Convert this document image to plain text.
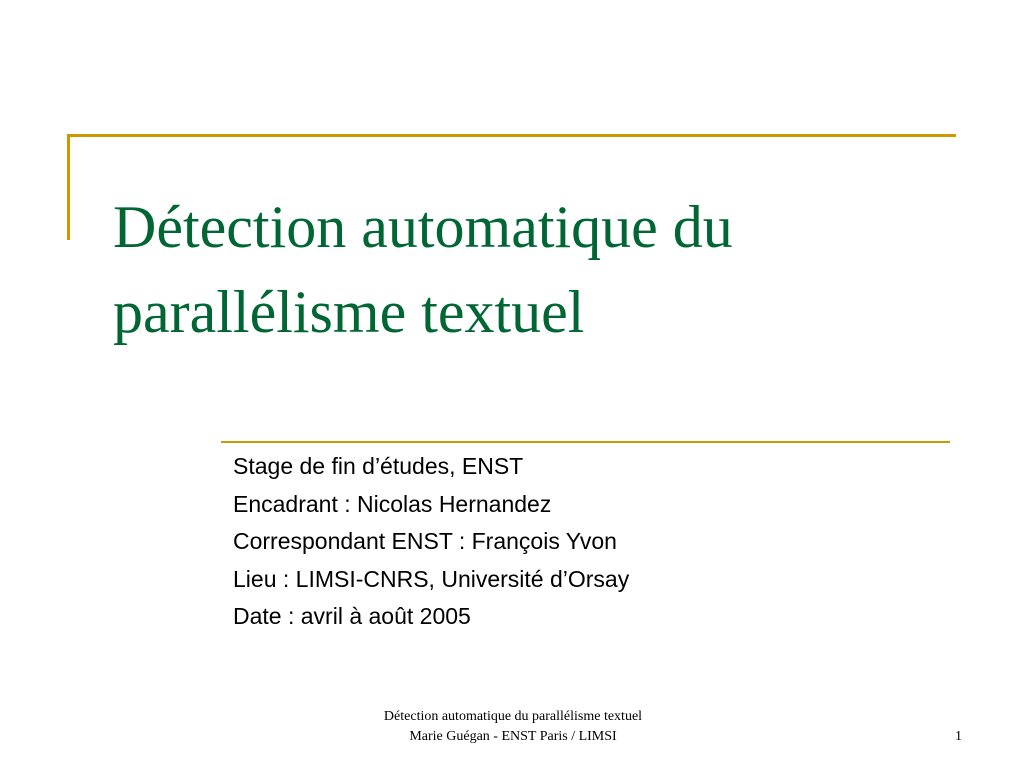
Détection automatique du
parallélisme textuel
Stage de fin d’études, ENST
Encadrant : Nicolas Hernandez
Correspondant ENST : François Yvon
Lieu : LIMSI-CNRS, Université d’Orsay
Date : avril à août 2005
Détection automatique du parallélisme textuel
Marie Guégan - ENST Paris / LIMSI	1
